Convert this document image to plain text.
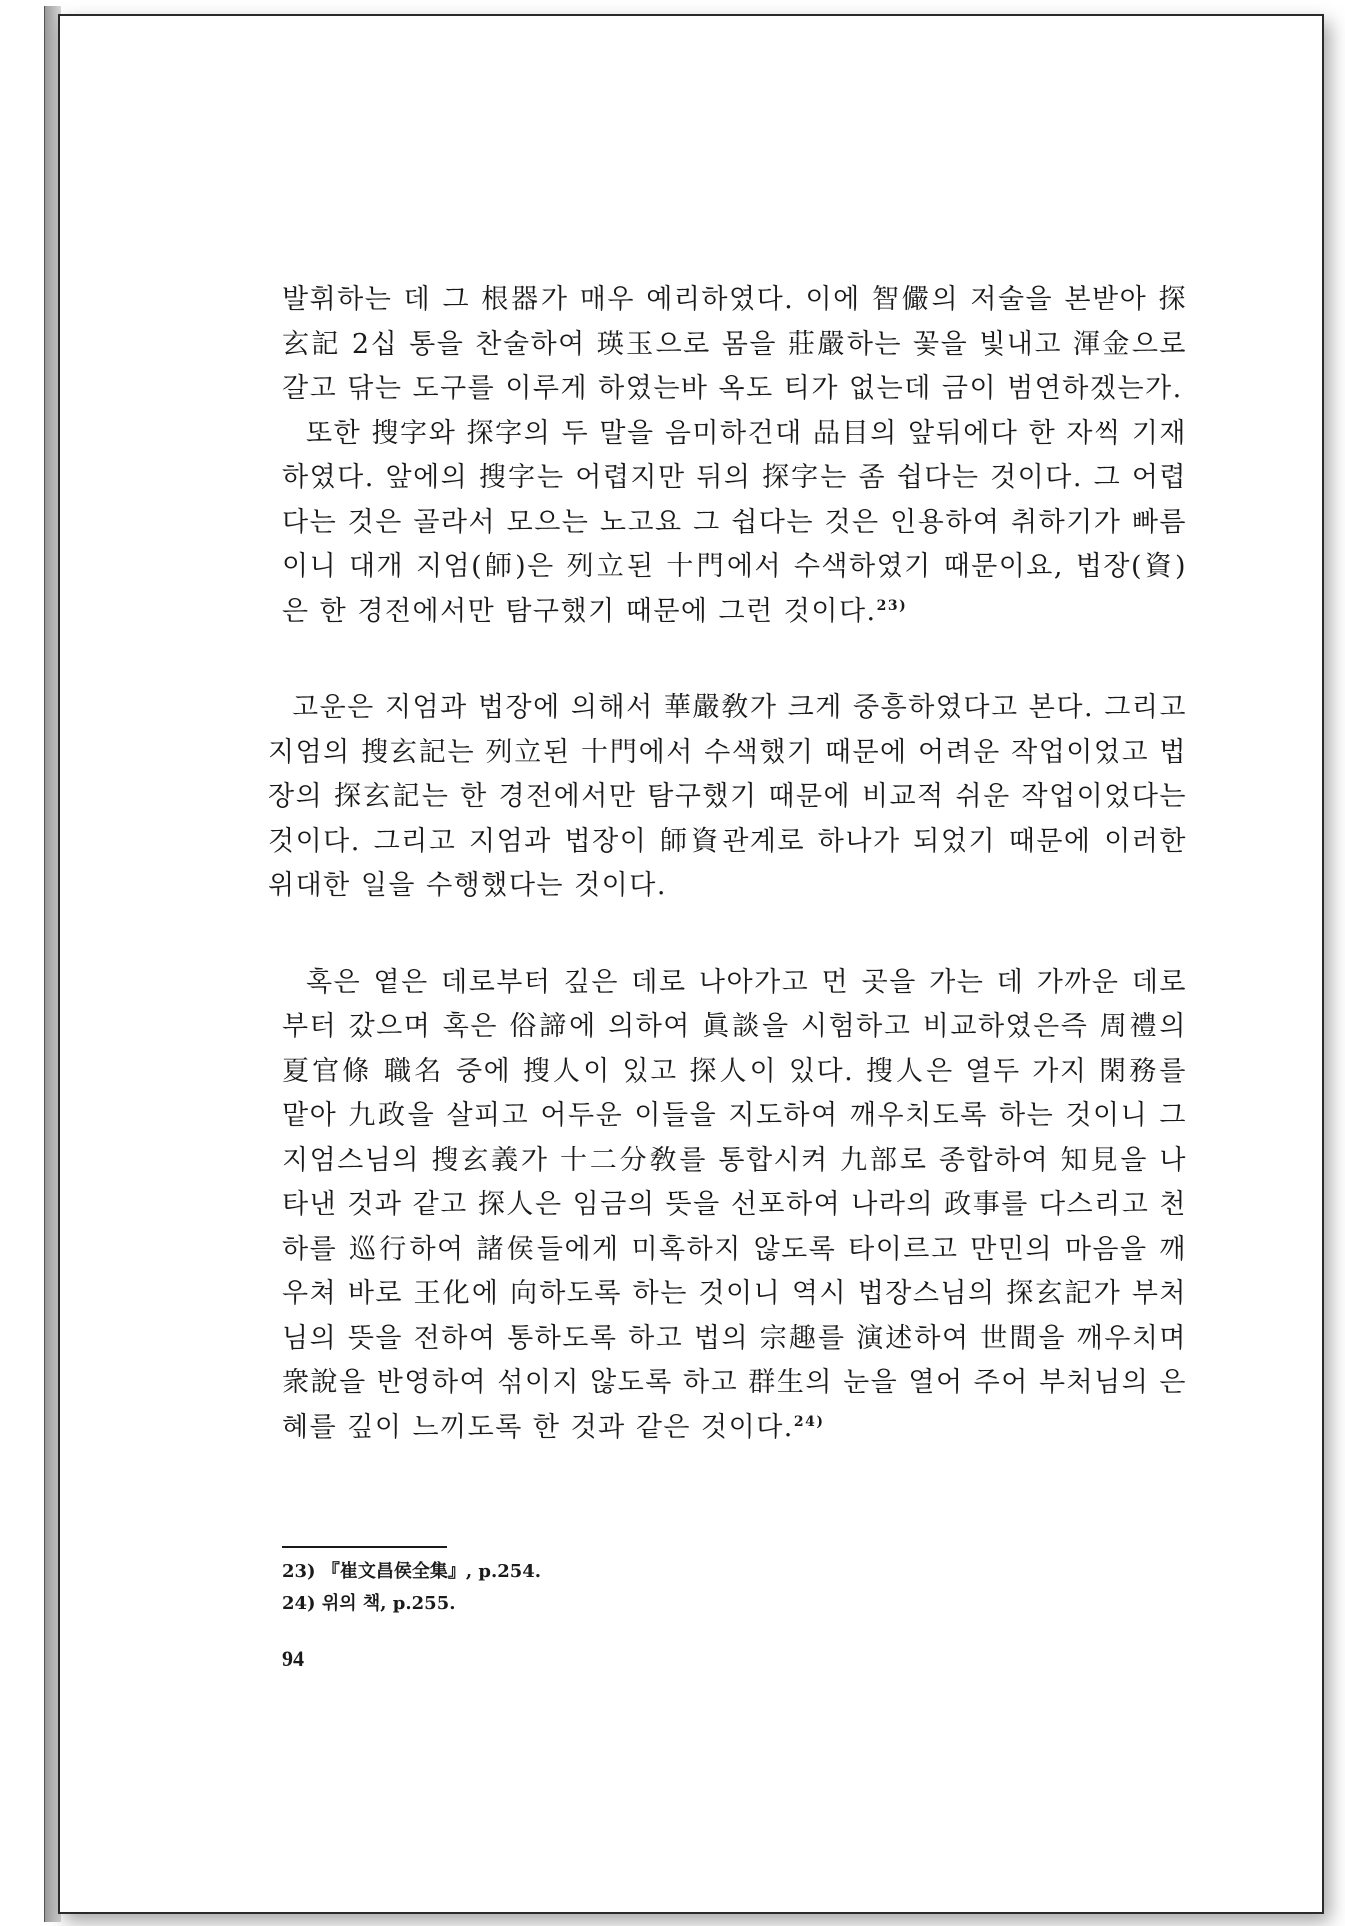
발휘하는 데 그 根器가 매우 예리하였다. 이에 智儼의 저술을 본받아 探玄記 2십 통을 찬술하여 瑛玉으로 몸을 莊嚴하는 꽃을 빛내고 渾金으로 갈고 닦는 도구를 이루게 하였는바 옥도 티가 없는데 금이 범연하겠는가.

또한 搜字와 探字의 두 말을 음미하건대 品目의 앞뒤에다 한 자씩 기재하였다. 앞에의 搜字는 어렵지만 뒤의 探字는 좀 쉽다는 것이다. 그 어렵다는 것은 골라서 모으는 노고요 그 쉽다는 것은 인용하여 취하기가 빠름이니 대개 지엄(師)은 列立된 十門에서 수색하였기 때문이요, 법장(資)은 한 경전에서만 탐구했기 때문에 그런 것이다.$^{23)}$

고운은 지엄과 법장에 의해서 華嚴敎가 크게 중흥하였다고 본다. 그리고 지엄의 搜玄記는 列立된 十門에서 수색했기 때문에 어려운 작업이었고 법장의 探玄記는 한 경전에서만 탐구했기 때문에 비교적 쉬운 작업이었다는 것이다. 그리고 지엄과 법장이 師資관계로 하나가 되었기 때문에 이러한 위대한 일을 수행했다는 것이다.

혹은 옅은 데로부터 깊은 데로 나아가고 먼 곳을 가는 데 가까운 데로부터 갔으며 혹은 俗諦에 의하여 眞談을 시험하고 비교하였은즉 周禮의 夏官條 職名 중에 搜人이 있고 探人이 있다. 搜人은 열두 가지 閑務를 맡아 九政을 살피고 어두운 이들을 지도하여 깨우치도록 하는 것이니 그 지엄스님의 搜玄義가 十二分敎를 통합시켜 九部로 종합하여 知見을 나타낸 것과 같고 探人은 임금의 뜻을 선포하여 나라의 政事를 다스리고 천하를 巡行하여 諸侯들에게 미혹하지 않도록 타이르고 만민의 마음을 깨우쳐 바로 王化에 向하도록 하는 것이니 역시 법장스님의 探玄記가 부처님의 뜻을 전하여 통하도록 하고 법의 宗趣를 演述하여 世間을 깨우치며 衆說을 반영하여 섞이지 않도록 하고 群生의 눈을 열어 주어 부처님의 은혜를 깊이 느끼도록 한 것과 같은 것이다.$^{24)}$

23) 『崔文昌侯全集』, p.254.
24) 위의 책, p.255.
94
